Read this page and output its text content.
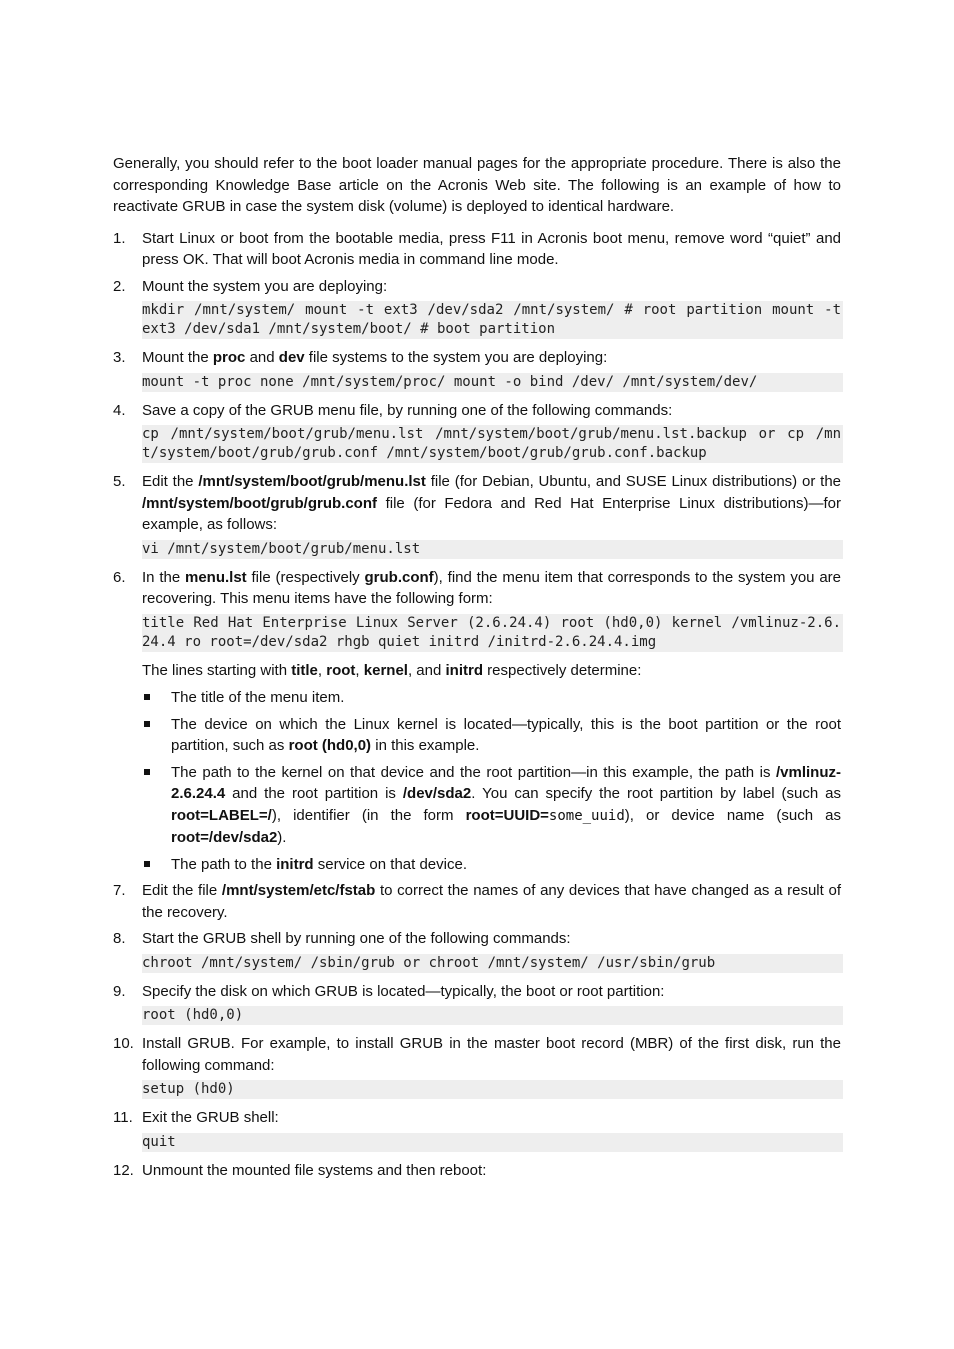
Generally, you should refer to the boot loader manual pages for the appropriate procedure. There is also the corresponding Knowledge Base article on the Acronis Web site. The following is an example of how to reactivate GRUB in case the system disk (volume) is deployed to identical hardware.

1. Start Linux or boot from the bootable media, press F11 in Acronis boot menu, remove word “quiet” and press OK. That will boot Acronis media in command line mode.

2. Mount the system you are deploying:

mkdir /mnt/system/ mount -t ext3 /dev/sda2 /mnt/system/ # root partition mount -t ext3 /dev/sda1 /mnt/system/boot/ # boot partition
3. Mount the proc and dev file systems to the system you are deploying:

mount -t proc none /mnt/system/proc/ mount -o bind /dev/ /mnt/system/dev/
4. Save a copy of the GRUB menu file, by running one of the following commands:

cp /mnt/system/boot/grub/menu.lst /mnt/system/boot/grub/menu.lst.backup or cp /mnt/system/boot/grub/grub.conf /mnt/system/boot/grub/grub.conf.backup
5. Edit the /mnt/system/boot/grub/menu.lst file (for Debian, Ubuntu, and SUSE Linux distributions) or the /mnt/system/boot/grub/grub.conf file (for Fedora and Red Hat Enterprise Linux distributions)—for example, as follows:

vi /mnt/system/boot/grub/menu.lst
6. In the menu.lst file (respectively grub.conf), find the menu item that corresponds to the system you are recovering. This menu items have the following form:

title Red Hat Enterprise Linux Server (2.6.24.4) root (hd0,0) kernel /vmlinuz-2.6.24.4 ro root=/dev/sda2 rhgb quiet initrd /initrd-2.6.24.4.img

The lines starting with title, root, kernel, and initrd respectively determine:

The title of the menu item.
The device on which the Linux kernel is located—typically, this is the boot partition or the root partition, such as root (hd0,0) in this example.
The path to the kernel on that device and the root partition—in this example, the path is /vmlinuz-2.6.24.4 and the root partition is /dev/sda2. You can specify the root partition by label (such as root=LABEL=/), identifier (in the form root=UUID=some_uuid), or device name (such as root=/dev/sda2).
The path to the initrd service on that device.
7. Edit the file /mnt/system/etc/fstab to correct the names of any devices that have changed as a result of the recovery.

8. Start the GRUB shell by running one of the following commands:

chroot /mnt/system/ /sbin/grub or chroot /mnt/system/ /usr/sbin/grub
9. Specify the disk on which GRUB is located—typically, the boot or root partition:

root (hd0,0)
10. Install GRUB. For example, to install GRUB in the master boot record (MBR) of the first disk, run the following command:

setup (hd0)
11. Exit the GRUB shell:

quit
12. Unmount the mounted file systems and then reboot:
